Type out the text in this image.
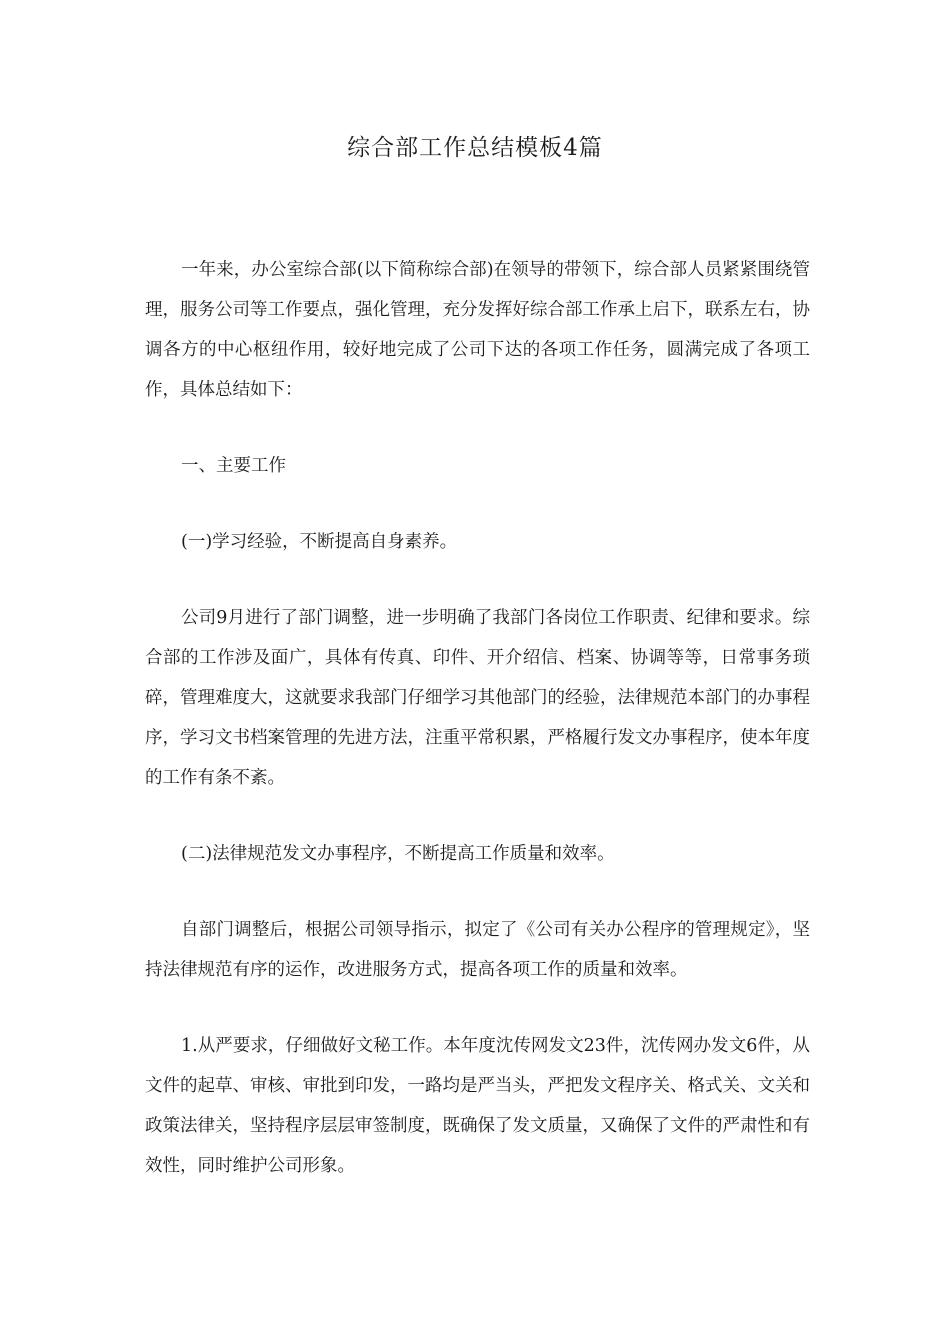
综合部工作总结模板4篇

一年来，办公室综合部(以下简称综合部)在领导的带领下，综合部人员紧紧围绕管理，服务公司等工作要点，强化管理，充分发挥好综合部工作承上启下，联系左右，协调各方的中心枢纽作用，较好地完成了公司下达的各项工作任务，圆满完成了各项工作，具体总结如下：

一、主要工作

(一)学习经验，不断提高自身素养。

公司9月进行了部门调整，进一步明确了我部门各岗位工作职责、纪律和要求。综合部的工作涉及面广，具体有传真、印件、开介绍信、档案、协调等等，日常事务琐碎，管理难度大，这就要求我部门仔细学习其他部门的经验，法律规范本部门的办事程序，学习文书档案管理的先进方法，注重平常积累，严格履行发文办事程序，使本年度的工作有条不紊。

(二)法律规范发文办事程序，不断提高工作质量和效率。

自部门调整后，根据公司领导指示，拟定了《公司有关办公程序的管理规定》，坚持法律规范有序的运作，改进服务方式，提高各项工作的质量和效率。

1.从严要求，仔细做好文秘工作。本年度沈传网发文23件，沈传网办发文6件，从文件的起草、审核、审批到印发，一路均是严当头，严把发文程序关、格式关、文关和政策法律关，坚持程序层层审签制度，既确保了发文质量，又确保了文件的严肃性和有效性，同时维护公司形象。
